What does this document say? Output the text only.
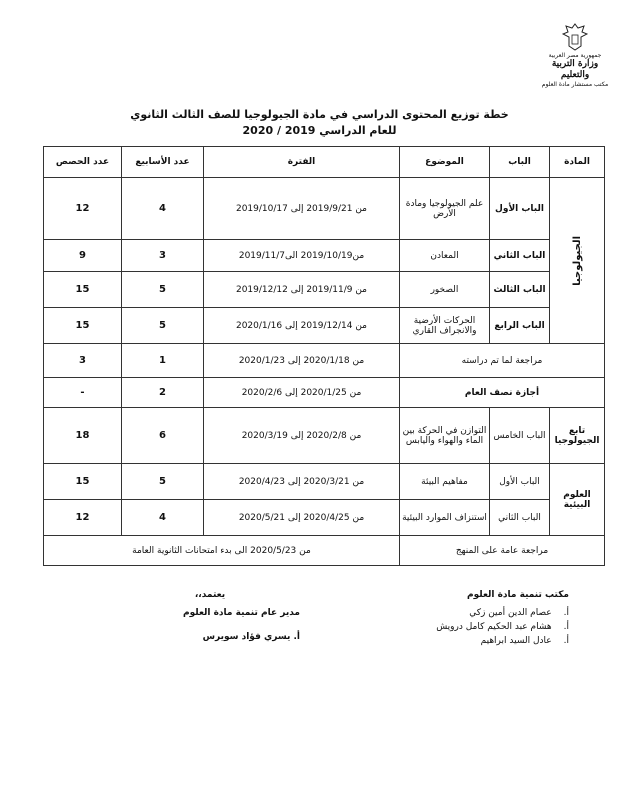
جمهورية مصر العربية
وزارة التربية والتعليم
مكتب مستشار مادة العلوم
خطة توزيع المحتوى الدراسي في مادة الجيولوجيا للصف الثالث الثانوي
للعام الدراسي 2019 / 2020
المادة	الباب	الموضوع	الفترة	عدد الأسابيع	عدد الحصص

الجيولوجيا	الباب الأول	علم الجيولوجيا ومادة الأرض	من 2019/9/21 إلى 2019/10/17	4	12
	الباب الثاني	المعادن	من2019/10/19 الى2019/11/7	3	9
	الباب الثالث	الصخور	من 2019/11/9 إلى 2019/12/12	5	15
	الباب الرابع	الحركات الأرضية والانجراف القاري	من 2019/12/14 إلى 2020/1/16	5	15
مراجعة لما تم دراسته			من 2020/1/18 إلى 2020/1/23	1	3
أجازة نصف العام			من 2020/1/25 إلى 2020/2/6	2	-
تابع الجيولوجيا	الباب الخامس	التوازن في الحركة بين الماء والهواء واليابس	من 2020/2/8 إلى 2020/3/19	6	18
العلوم البيئية	الباب الأول	مفاهيم البيئة	من 2020/3/21 إلى 2020/4/23	5	15
	الباب الثاني	استنزاف الموارد البيئية	من 2020/4/25 إلى 2020/5/21	4	12
مراجعة عامة على المنهج			من 2020/5/23 الى بدء امتحانات الثانوية العامة		
مكتب تنمية مادة العلوم
أ.
عصام الدين أمين زكي
أ.
هشام عبد الحكيم كامل درويش
أ.
عادل السيد ابراهيم
يعتمد،،
مدير عام تنمية مادة العلوم
أ. يسري فؤاد سويرس
